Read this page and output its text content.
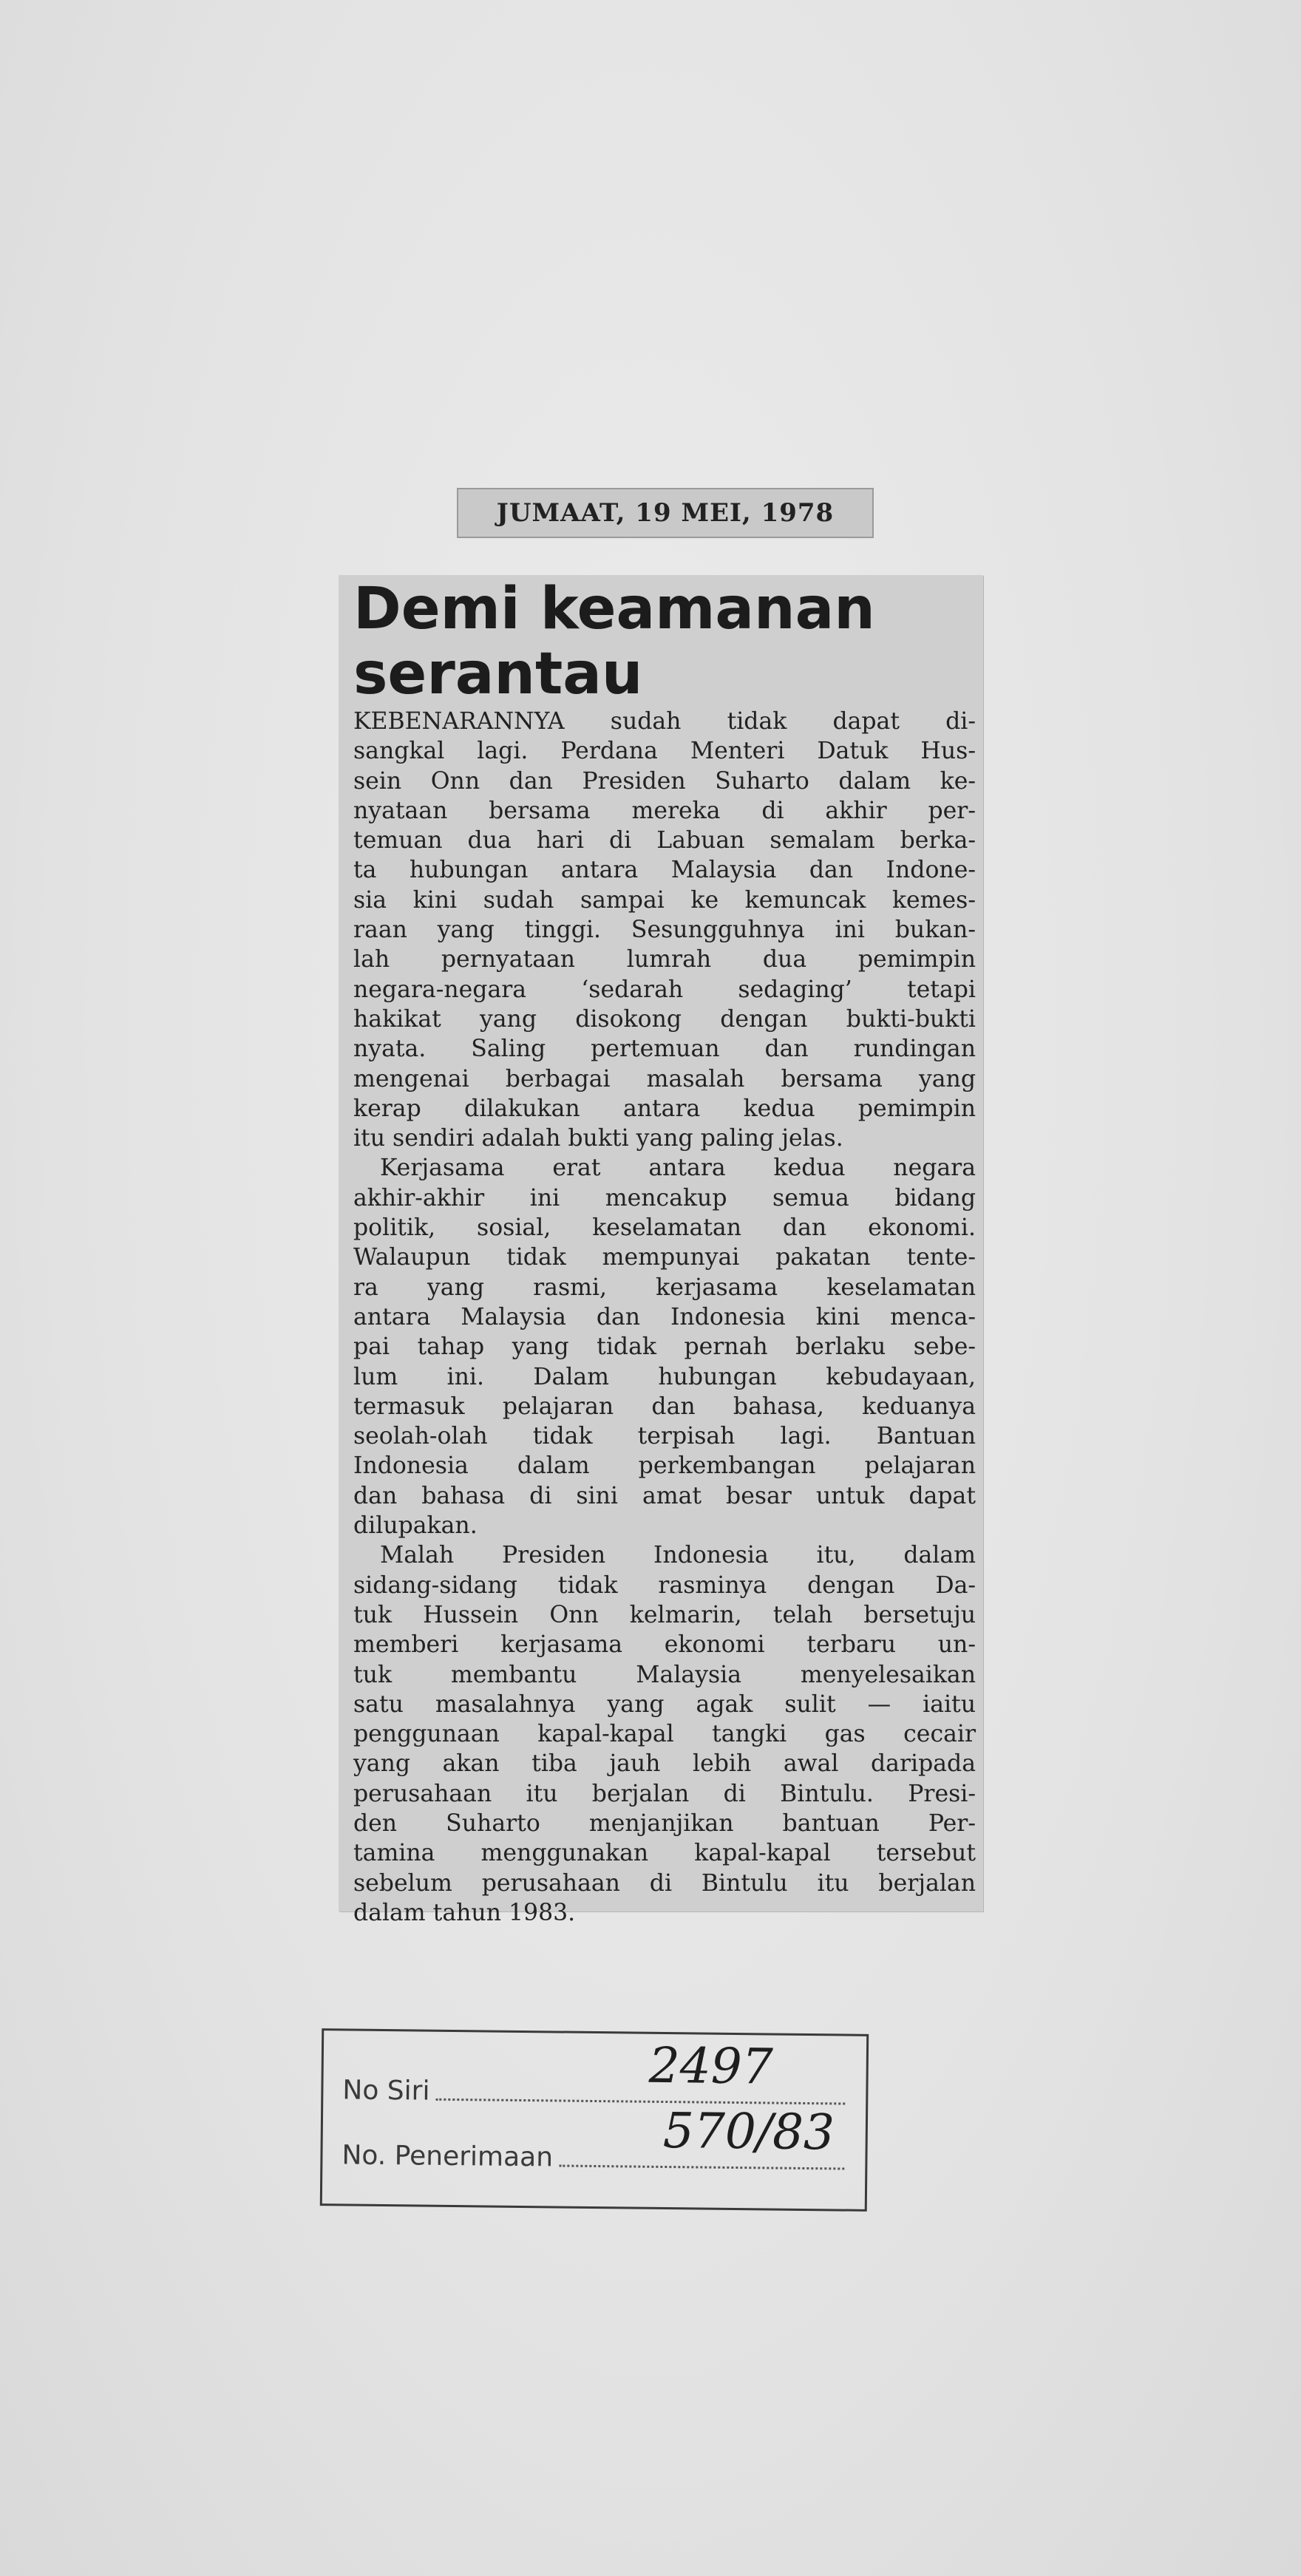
JUMAAT, 19 MEI, 1978
Demi keamanan
serantau
KEBENARANNYA sudah tidak dapat di-
sangkal lagi. Perdana Menteri Datuk Hus-
sein Onn dan Presiden Suharto dalam ke-
nyataan bersama mereka di akhir per-
temuan dua hari di Labuan semalam berka-
ta hubungan antara Malaysia dan Indone-
sia kini sudah sampai ke kemuncak kemes-
raan yang tinggi. Sesungguhnya ini bukan-
lah pernyataan lumrah dua pemimpin
negara-negara ‘sedarah sedaging’ tetapi
hakikat yang disokong dengan bukti-bukti
nyata. Saling pertemuan dan rundingan
mengenai berbagai masalah bersama yang
kerap dilakukan antara kedua pemimpin
itu sendiri adalah bukti yang paling jelas.
Kerjasama erat antara kedua negara
akhir-akhir ini mencakup semua bidang
politik, sosial, keselamatan dan ekonomi.
Walaupun tidak mempunyai pakatan tente-
ra yang rasmi, kerjasama keselamatan
antara Malaysia dan Indonesia kini menca-
pai tahap yang tidak pernah berlaku sebe-
lum ini. Dalam hubungan kebudayaan,
termasuk pelajaran dan bahasa, keduanya
seolah-olah tidak terpisah lagi. Bantuan
Indonesia dalam perkembangan pelajaran
dan bahasa di sini amat besar untuk dapat
dilupakan.
Malah Presiden Indonesia itu, dalam
sidang-sidang tidak rasminya dengan Da-
tuk Hussein Onn kelmarin, telah bersetuju
memberi kerjasama ekonomi terbaru un-
tuk membantu Malaysia menyelesaikan
satu masalahnya yang agak sulit — iaitu
penggunaan kapal-kapal tangki gas cecair
yang akan tiba jauh lebih awal daripada
perusahaan itu berjalan di Bintulu. Presi-
den Suharto menjanjikan bantuan Per-
tamina menggunakan kapal-kapal tersebut
sebelum perusahaan di Bintulu itu berjalan
dalam tahun 1983.
No Siri
No. Penerimaan
2497
570/83
